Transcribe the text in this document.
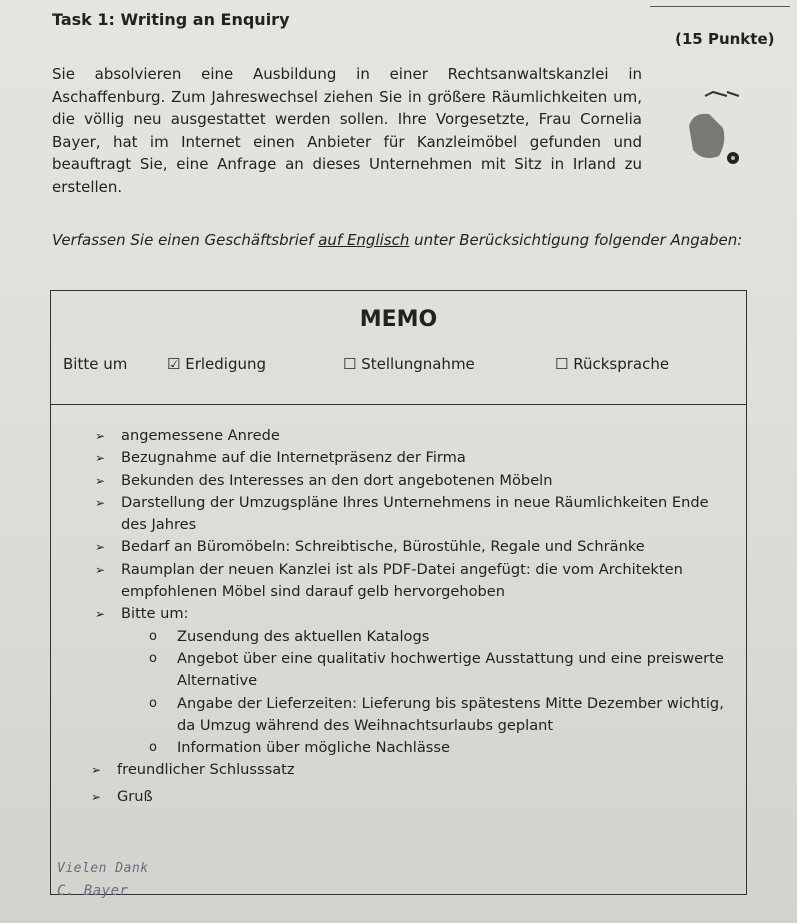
Task 1: Writing an Enquiry
(15 Punkte)

Sie absolvieren eine Ausbildung in einer Rechtsanwaltskanzlei in Aschaffenburg. Zum Jahreswechsel ziehen Sie in größere Räumlichkeiten um, die völlig neu ausgestattet werden sollen. Ihre Vorgesetzte, Frau Cornelia Bayer, hat im Internet einen Anbieter für Kanzleimöbel gefunden und beauftragt Sie, eine Anfrage an dieses Unternehmen mit Sitz in Irland zu erstellen.

Verfassen Sie einen Geschäftsbrief auf Englisch unter Berücksichtigung folgender Angaben:

MEMO
Bitte um	☑ Erledigung	☐ Stellungnahme	☐ Rücksprache
➢ angemessene Anrede
➢ Bezugnahme auf die Internetpräsenz der Firma
➢ Bekunden des Interesses an den dort angebotenen Möbeln
➢ Darstellung der Umzugspläne Ihres Unternehmens in neue Räumlichkeiten Ende des Jahres
➢ Bedarf an Büromöbeln: Schreibtische, Bürostühle, Regale und Schränke
➢ Raumplan der neuen Kanzlei ist als PDF-Datei angefügt: die vom Architekten empfohlenen Möbel sind darauf gelb hervorgehoben
➢ Bitte um:
o Zusendung des aktuellen Katalogs
o Angebot über eine qualitativ hochwertige Ausstattung und eine preiswerte Alternative
o Angabe der Lieferzeiten: Lieferung bis spätestens Mitte Dezember wichtig, da Umzug während des Weihnachtsurlaubs geplant
o Information über mögliche Nachlässe
➢ freundlicher Schlusssatz
➢ Gruß
Vielen Dank
C. Bayer
